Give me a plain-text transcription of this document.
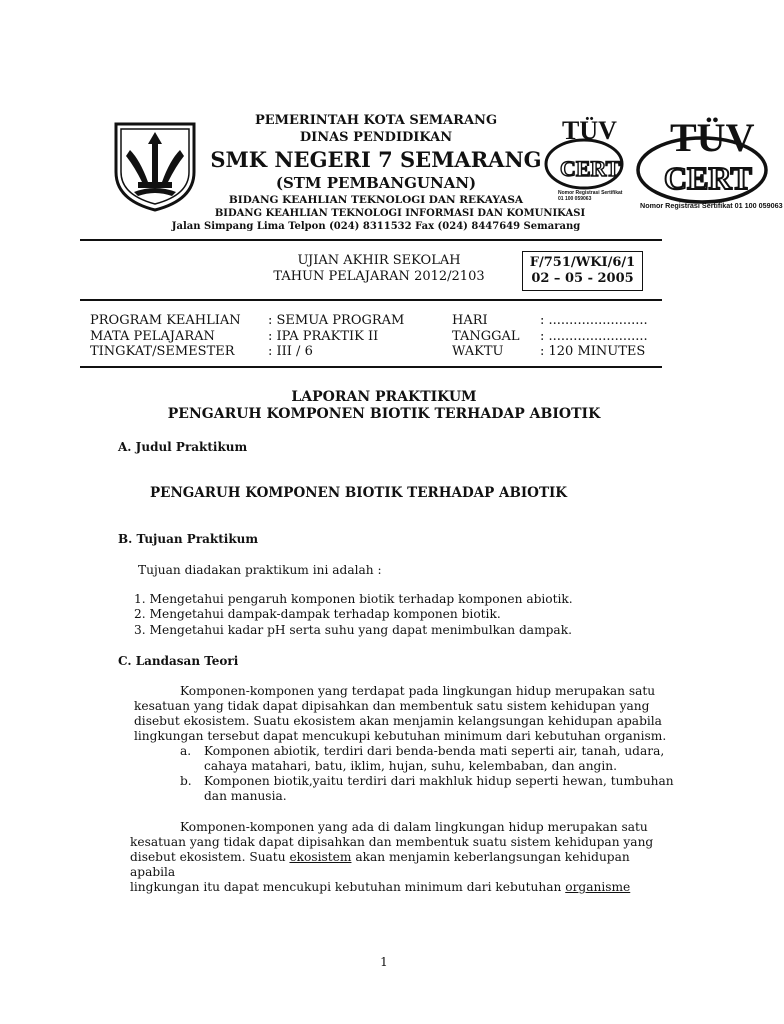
PEMERINTAH KOTA SEMARANG
DINAS PENDIDIKAN
SMK NEGERI 7 SEMARANG
(STM PEMBANGUNAN)
BIDANG KEAHLIAN TEKNOLOGI DAN REKAYASA
BIDANG KEAHLIAN TEKNOLOGI INFORMASI DAN KOMUNIKASI
Jalan Simpang Lima Telpon (024) 8311532 Fax (024) 8447649 Semarang
TÜV
CERT
Nomor Registrasi Sertifikat 01 100 059063
TÜV
CERT
Nomor Registrasi Sertifikat 01 100 059063
UJIAN AKHIR SEKOLAH
TAHUN PELAJARAN 2012/2103
F/751/WKI/6/1
02 – 05 - 2005
PROGRAM KEAHLIAN : SEMUA PROGRAM	HARI	: ........................
MATA PELAJARAN	: IPA PRAKTIK II	TANGGAL : ........................
TINGKAT/SEMESTER	: III / 6	WAKTU	: 120 MINUTES
LAPORAN PRAKTIKUM
PENGARUH KOMPONEN BIOTIK TERHADAP ABIOTIK
A. Judul Praktikum
PENGARUH KOMPONEN BIOTIK TERHADAP ABIOTIK
B. Tujuan Praktikum
Tujuan diadakan praktikum ini adalah :
1. Mengetahui pengaruh komponen biotik terhadap komponen abiotik.
2. Mengetahui dampak-dampak terhadap komponen biotik.
3. Mengetahui kadar pH serta suhu yang dapat menimbulkan dampak.
C. Landasan Teori
Komponen-komponen yang terdapat pada lingkungan hidup merupakan satu
kesatuan yang tidak dapat dipisahkan dan membentuk satu sistem kehidupan yang
disebut ekosistem. Suatu ekosistem akan menjamin kelangsungan kehidupan apabila
lingkungan tersebut dapat mencukupi kebutuhan minimum dari kebutuhan organism.
a. Komponen abiotik, terdiri dari benda-benda mati seperti air, tanah, udara,
cahaya matahari, batu, iklim, hujan, suhu, kelembaban, dan angin.
b. Komponen biotik,yaitu terdiri dari makhluk hidup seperti hewan, tumbuhan
dan manusia.
Komponen-komponen yang ada di dalam lingkungan hidup merupakan satu
kesatuan yang tidak dapat dipisahkan dan membentuk suatu sistem kehidupan yang
disebut ekosistem. Suatu ekosistem akan menjamin keberlangsungan kehidupan apabila
lingkungan itu dapat mencukupi kebutuhan minimum dari kebutuhan organisme
1
